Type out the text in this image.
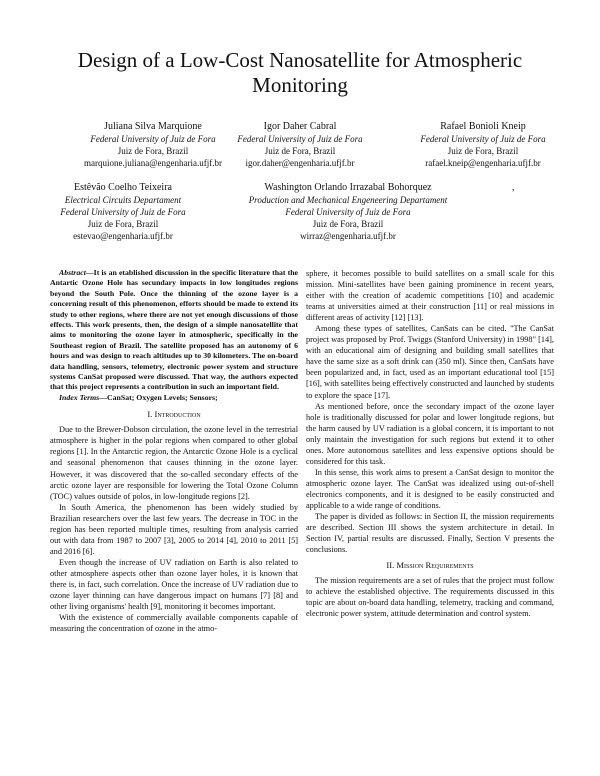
Design of a Low-Cost Nanosatellite for Atmospheric Monitoring
Juliana Silva Marquione
Federal University of Juiz de Fora
Juiz de Fora, Brazil
marquione.juliana@engenharia.ufjf.br
Igor Daher Cabral
Federal University of Juiz de Fora
Juiz de Fora, Brazil
igor.daher@engenharia.ufjf.br
Rafael Bonioli Kneip
Federal University of Juiz de Fora
Juiz de Fora, Brazil
rafael.kneip@engenharia.ufjf.br
Estêvão Coelho Teixeira
Electrical Circuits Departament
Federal University of Juiz de Fora
Juiz de Fora, Brazil
estevao@engenharia.ufjf.br
Washington Orlando Irrazabal Bohorquez
Production and Mechanical Engeneering Departament
Federal University of Juiz de Fora
Juiz de Fora, Brazil
wirraz@engenharia.ufjf.br
,

Abstract—It is an etablished discussion in the specific literature that the Antartic Ozone Hole has secundary impacts in low longitudes regions beyond the South Pole. Once the thinning of the ozone layer is a concerning result of this phenomenon, efforts should be made to extend its study to other regions, where there are not yet enough discussions of those effects. This work presents, then, the design of a simple nanosatellite that aims to monitoring the ozone layer in atmospheric, specifically in the Southeast region of Brazil. The satellite proposed has an autonomy of 6 hours and was design to reach altitudes up to 30 kilometers. The on-board data handling, sensors, telemetry, electronic power system and structure systems CanSat proposed were discussed. That way, the authors expected that this project represents a contribution in such an important field.

Index Terms—CanSat; Oxygen Levels; Sensors;

I. Introduction

Due to the Brewer-Dobson circulation, the ozone level in the terrestrial atmosphere is higher in the polar regions when compared to other global regions [1]. In the Antarctic region, the Antarctic Ozone Hole is a cyclical and seasonal phenomenon that causes thinning in the ozone layer. However, it was discovered that the so-called secondary effects of the arctic ozone layer are responsible for lowering the Total Ozone Column (TOC) values outside of polos, in low-longitude regions [2].

In South America, the phenomenon has been widely studied by Brazilian researchers over the last few years. The decrease in TOC in the region has been reported multiple times, resulting from analysis carried out with data from 1987 to 2007 [3], 2005 to 2014 [4], 2010 to 2011 [5] and 2016 [6].

Even though the increase of UV radiation on Earth is also related to other atmosphere aspects other than ozone layer holes, it is known that there is, in fact, such correlation. Once the increase of UV radiation due to ozone layer thinning can have dangerous impact on humans [7] [8] and other living organisms' health [9], monitoring it becomes important.

With the existence of commercially available components capable of measuring the concentration of ozone in the atmo-

sphere, it becomes possible to build satellites on a small scale for this mission. Mini-satellites have been gaining prominence in recent years, either with the creation of academic competitions [10] and academic teams at universities aimed at their construction [11] or real missions in different areas of activity [12] [13].

Among these types of satellites, CanSats can be cited. "The CanSat project was proposed by Prof. Twiggs (Stanford University) in 1998" [14], with an educational aim of designing and building small satellites that have the same size as a soft drink can (350 ml). Since then, CanSats have been popularized and, in fact, used as an important educational tool [15] [16], with satellites being effectively constructed and launched by students to explore the space [17].

As mentioned before, once the secondary impact of the ozone layer hole is traditionally discussed for polar and lower longitude regions, but the harm caused by UV radiation is a global concern, it is important to not only maintain the investigation for such regions but extend it to other ones. More autonomous satellites and less expensive options should be considered for this task.

In this sense, this work aims to present a CanSat design to monitor the atmospheric ozone layer. The CanSat was idealized using out-of-shell electronics components, and it is designed to be easily constructed and applicable to a wide range of conditions.

The paper is divided as follows: in Section II, the mission requirements are described. Section III shows the system architecture in detail. In Section IV, partial results are discussed. Finally, Section V presents the conclusions.

II. Mission Requirements

The mission requirements are a set of rules that the project must follow to achieve the established objective. The requirements discussed in this topic are about on-board data handling, telemetry, tracking and command, electronic power system, attitude determination and control system.
